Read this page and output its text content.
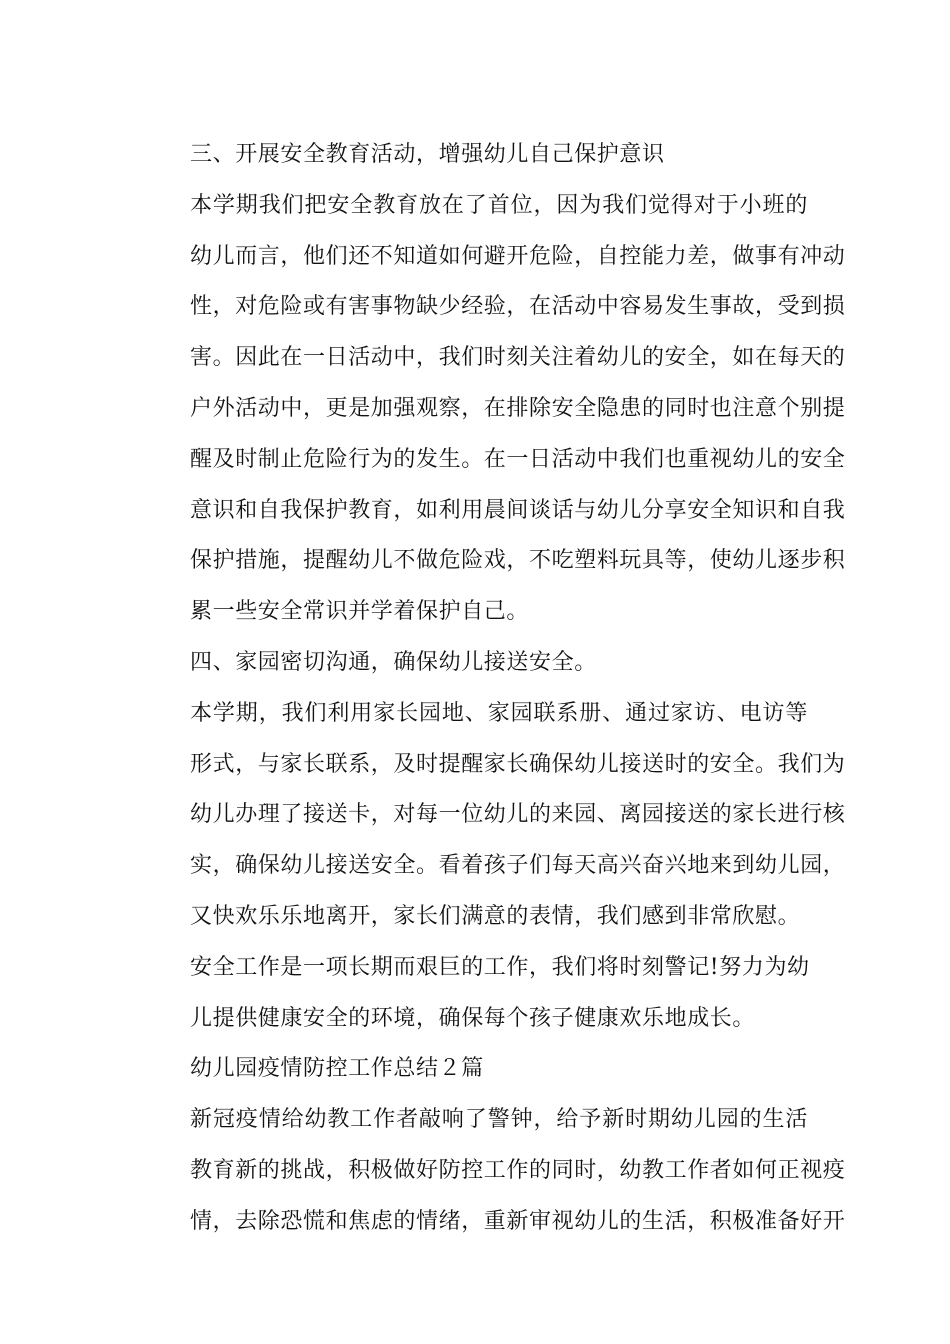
三、开展安全教育活动，增强幼儿自己保护意识

本学期我们把安全教育放在了首位，因为我们觉得对于小班的
幼儿而言，他们还不知道如何避开危险，自控能力差，做事有冲动
性，对危险或有害事物缺少经验，在活动中容易发生事故，受到损
害。因此在一日活动中，我们时刻关注着幼儿的安全，如在每天的
户外活动中，更是加强观察，在排除安全隐患的同时也注意个别提
醒及时制止危险行为的发生。在一日活动中我们也重视幼儿的安全
意识和自我保护教育，如利用晨间谈话与幼儿分享安全知识和自我
保护措施，提醒幼儿不做危险戏，不吃塑料玩具等，使幼儿逐步积
累一些安全常识并学着保护自己。

四、家园密切沟通，确保幼儿接送安全。

本学期，我们利用家长园地、家园联系册、通过家访、电访等
形式，与家长联系，及时提醒家长确保幼儿接送时的安全。我们为
幼儿办理了接送卡，对每一位幼儿的来园、离园接送的家长进行核
实，确保幼儿接送安全。看着孩子们每天高兴奋兴地来到幼儿园，
又快欢乐乐地离开，家长们满意的表情，我们感到非常欣慰。

安全工作是一项长期而艰巨的工作，我们将时刻警记!努力为幼
儿提供健康安全的环境，确保每个孩子健康欢乐地成长。

幼儿园疫情防控工作总结２篇

新冠疫情给幼教工作者敲响了警钟，给予新时期幼儿园的生活
教育新的挑战，积极做好防控工作的同时，幼教工作者如何正视疫
情，去除恐慌和焦虑的情绪，重新审视幼儿的生活，积极准备好开
